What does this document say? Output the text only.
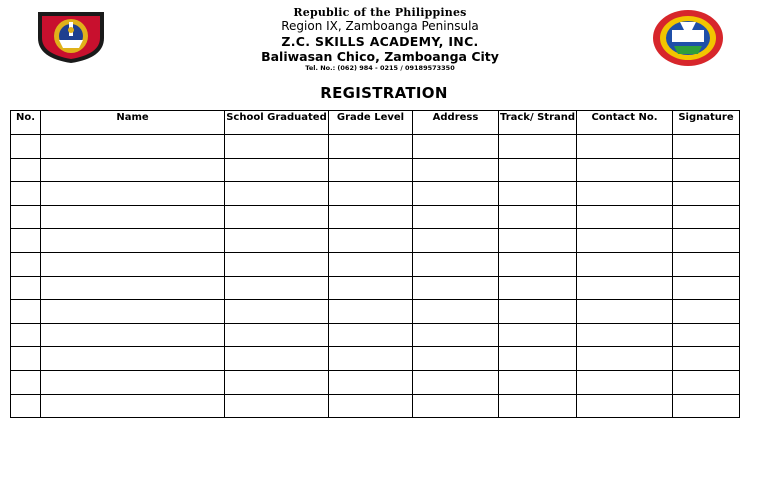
Republic of the Philippines
Region IX, Zamboanga Peninsula
Z.C. SKILLS ACADEMY, INC.
Baliwasan Chico, Zamboanga City
Tel. No.: (062) 984 - 0215 / 09189573350
REGISTRATION
No.	Name	School Graduated	Grade Level	Address	Track/ Strand	Contact No.	Signature
